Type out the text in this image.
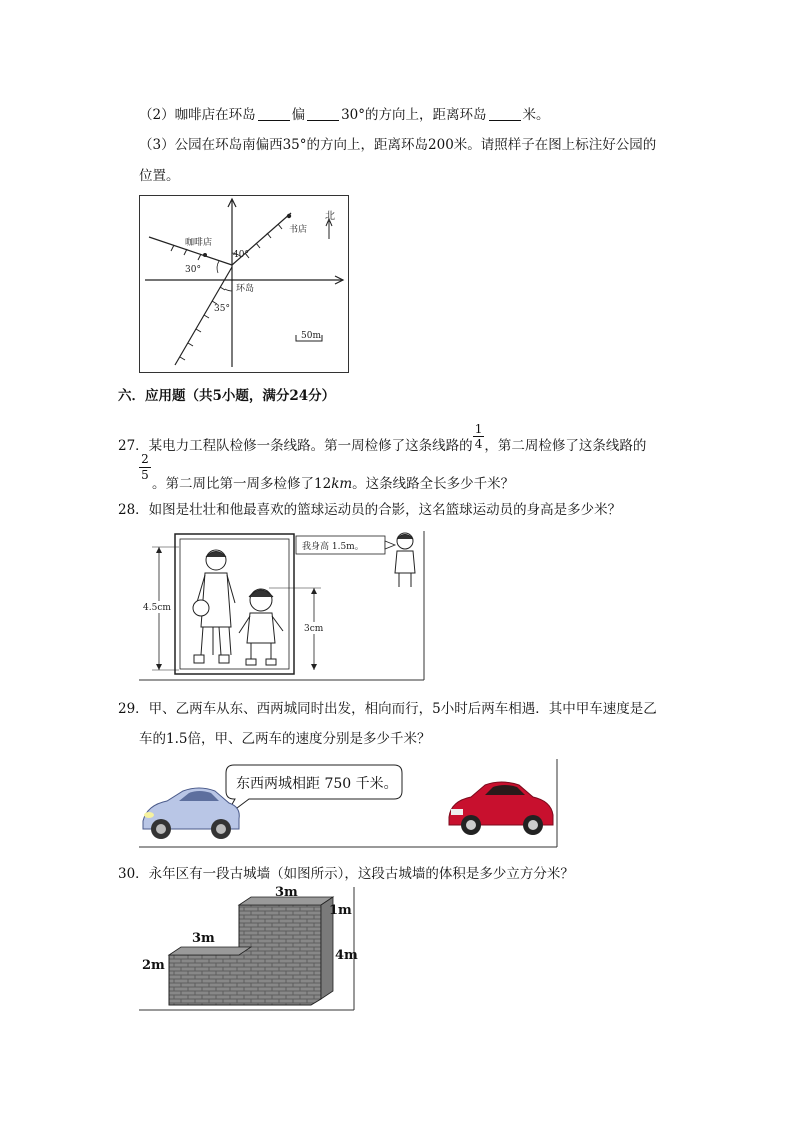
（2）咖啡店在环岛	偏	30°的方向上，距离环岛	米。
（3）公园在环岛南偏西35°的方向上，距离环岛200米。请照样子在图上标注好公园的
位置。
咖啡店
书店
北
环岛
30°
40°
35°
50m
六．应用题（共5小题，满分24分）
27．某电力工程队检修一条线路。第一周检修了这条线路的 $\frac{1}{4}$ ，第二周检修了这条线路的
$\frac{2}{5}$
。第二周比第一周多检修了12km。这条线路全长多少千米？
28．如图是壮壮和他最喜欢的篮球运动员的合影，这名篮球运动员的身高是多少米？
4.5cm
3cm
我身高 1.5m。
29．甲、乙两车从东、西两城同时出发，相向而行，5小时后两车相遇．其中甲车速度是乙
车的1.5倍，甲、乙两车的速度分别是多少千米？
东西两城相距 750 千米。
30．永年区有一段古城墙（如图所示），这段古城墙的体积是多少立方分米？
3m
1m
3m
2m
4m
